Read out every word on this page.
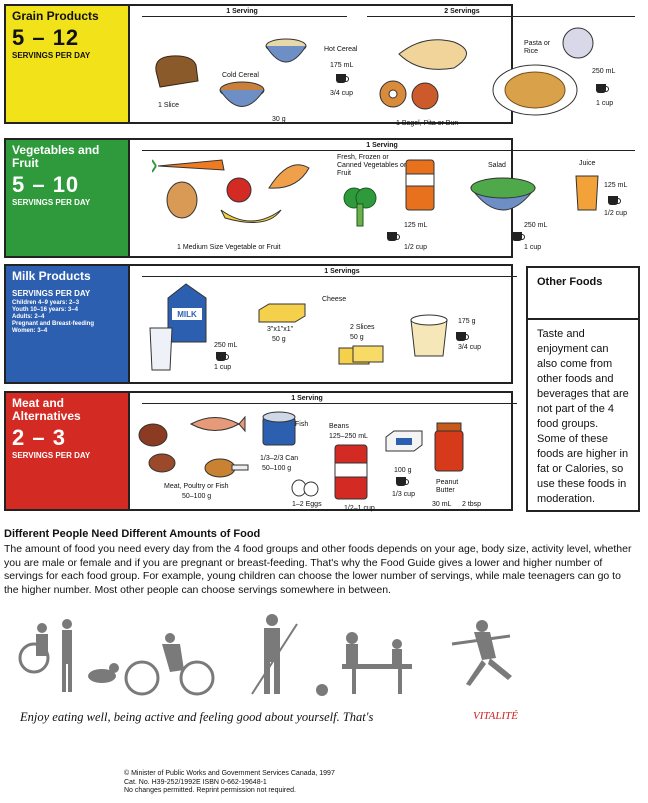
Grain Products
5 – 12
SERVINGS PER DAY
1 Serving	2 Servings
1 Slice
Cold Cereal
30 g
Hot Cereal
175 mL
3/4 cup
1 Bagel, Pita or Bun
Pasta or Rice
250 mL
1 cup
Vegetables and Fruit
5 – 10
SERVINGS PER DAY
1 Serving
1 Medium Size Vegetable or Fruit
Fresh, Frozen or Canned Vegetables or Fruit
125 mL
1/2 cup
Salad
250 mL
1 cup
Juice
125 mL
1/2 cup
Milk Products
SERVINGS PER DAY
Children 4–9 years: 2–3
Youth 10–16 years: 3–4
Adults: 2–4
Pregnant and Breast-feeding
Women: 3–4
1 Servings
MILK
250 mL
1 cup
Cheese
3"x1"x1"
50 g
2 Slices
50 g
175 g
3/4 cup
Meat and Alternatives
2 – 3
SERVINGS PER DAY
1 Serving
Meat, Poultry or Fish
50–100 g
Fish
1/3–2/3 Can
50–100 g
1–2 Eggs
Beans
125–250 mL
1/2–1 cup
100 g
1/3 cup
Peanut Butter
30 mL 2 tbsp
Other Foods
Taste and enjoyment can also come from other foods and beverages that are not part of the 4 food groups. Some of these foods are higher in fat or Calories, so use these foods in moderation.
Different People Need Different Amounts of Food
The amount of food you need every day from the 4 food groups and other foods depends on your age, body size, activity level, whether you are male or female and if you are pregnant or breast-feeding. That's why the Food Guide gives a lower and higher number of servings for each food group. For example, young children can choose the lower number of servings, while male teenagers can go to the higher number. Most other people can choose servings somewhere in between.
Enjoy eating well, being active and feeling good about yourself. That's	VITALITÉ
© Minister of Public Works and Government Services Canada, 1997
Cat. No. H39-252/1992E ISBN 0-662-19648-1
No changes permitted. Reprint permission not required.
